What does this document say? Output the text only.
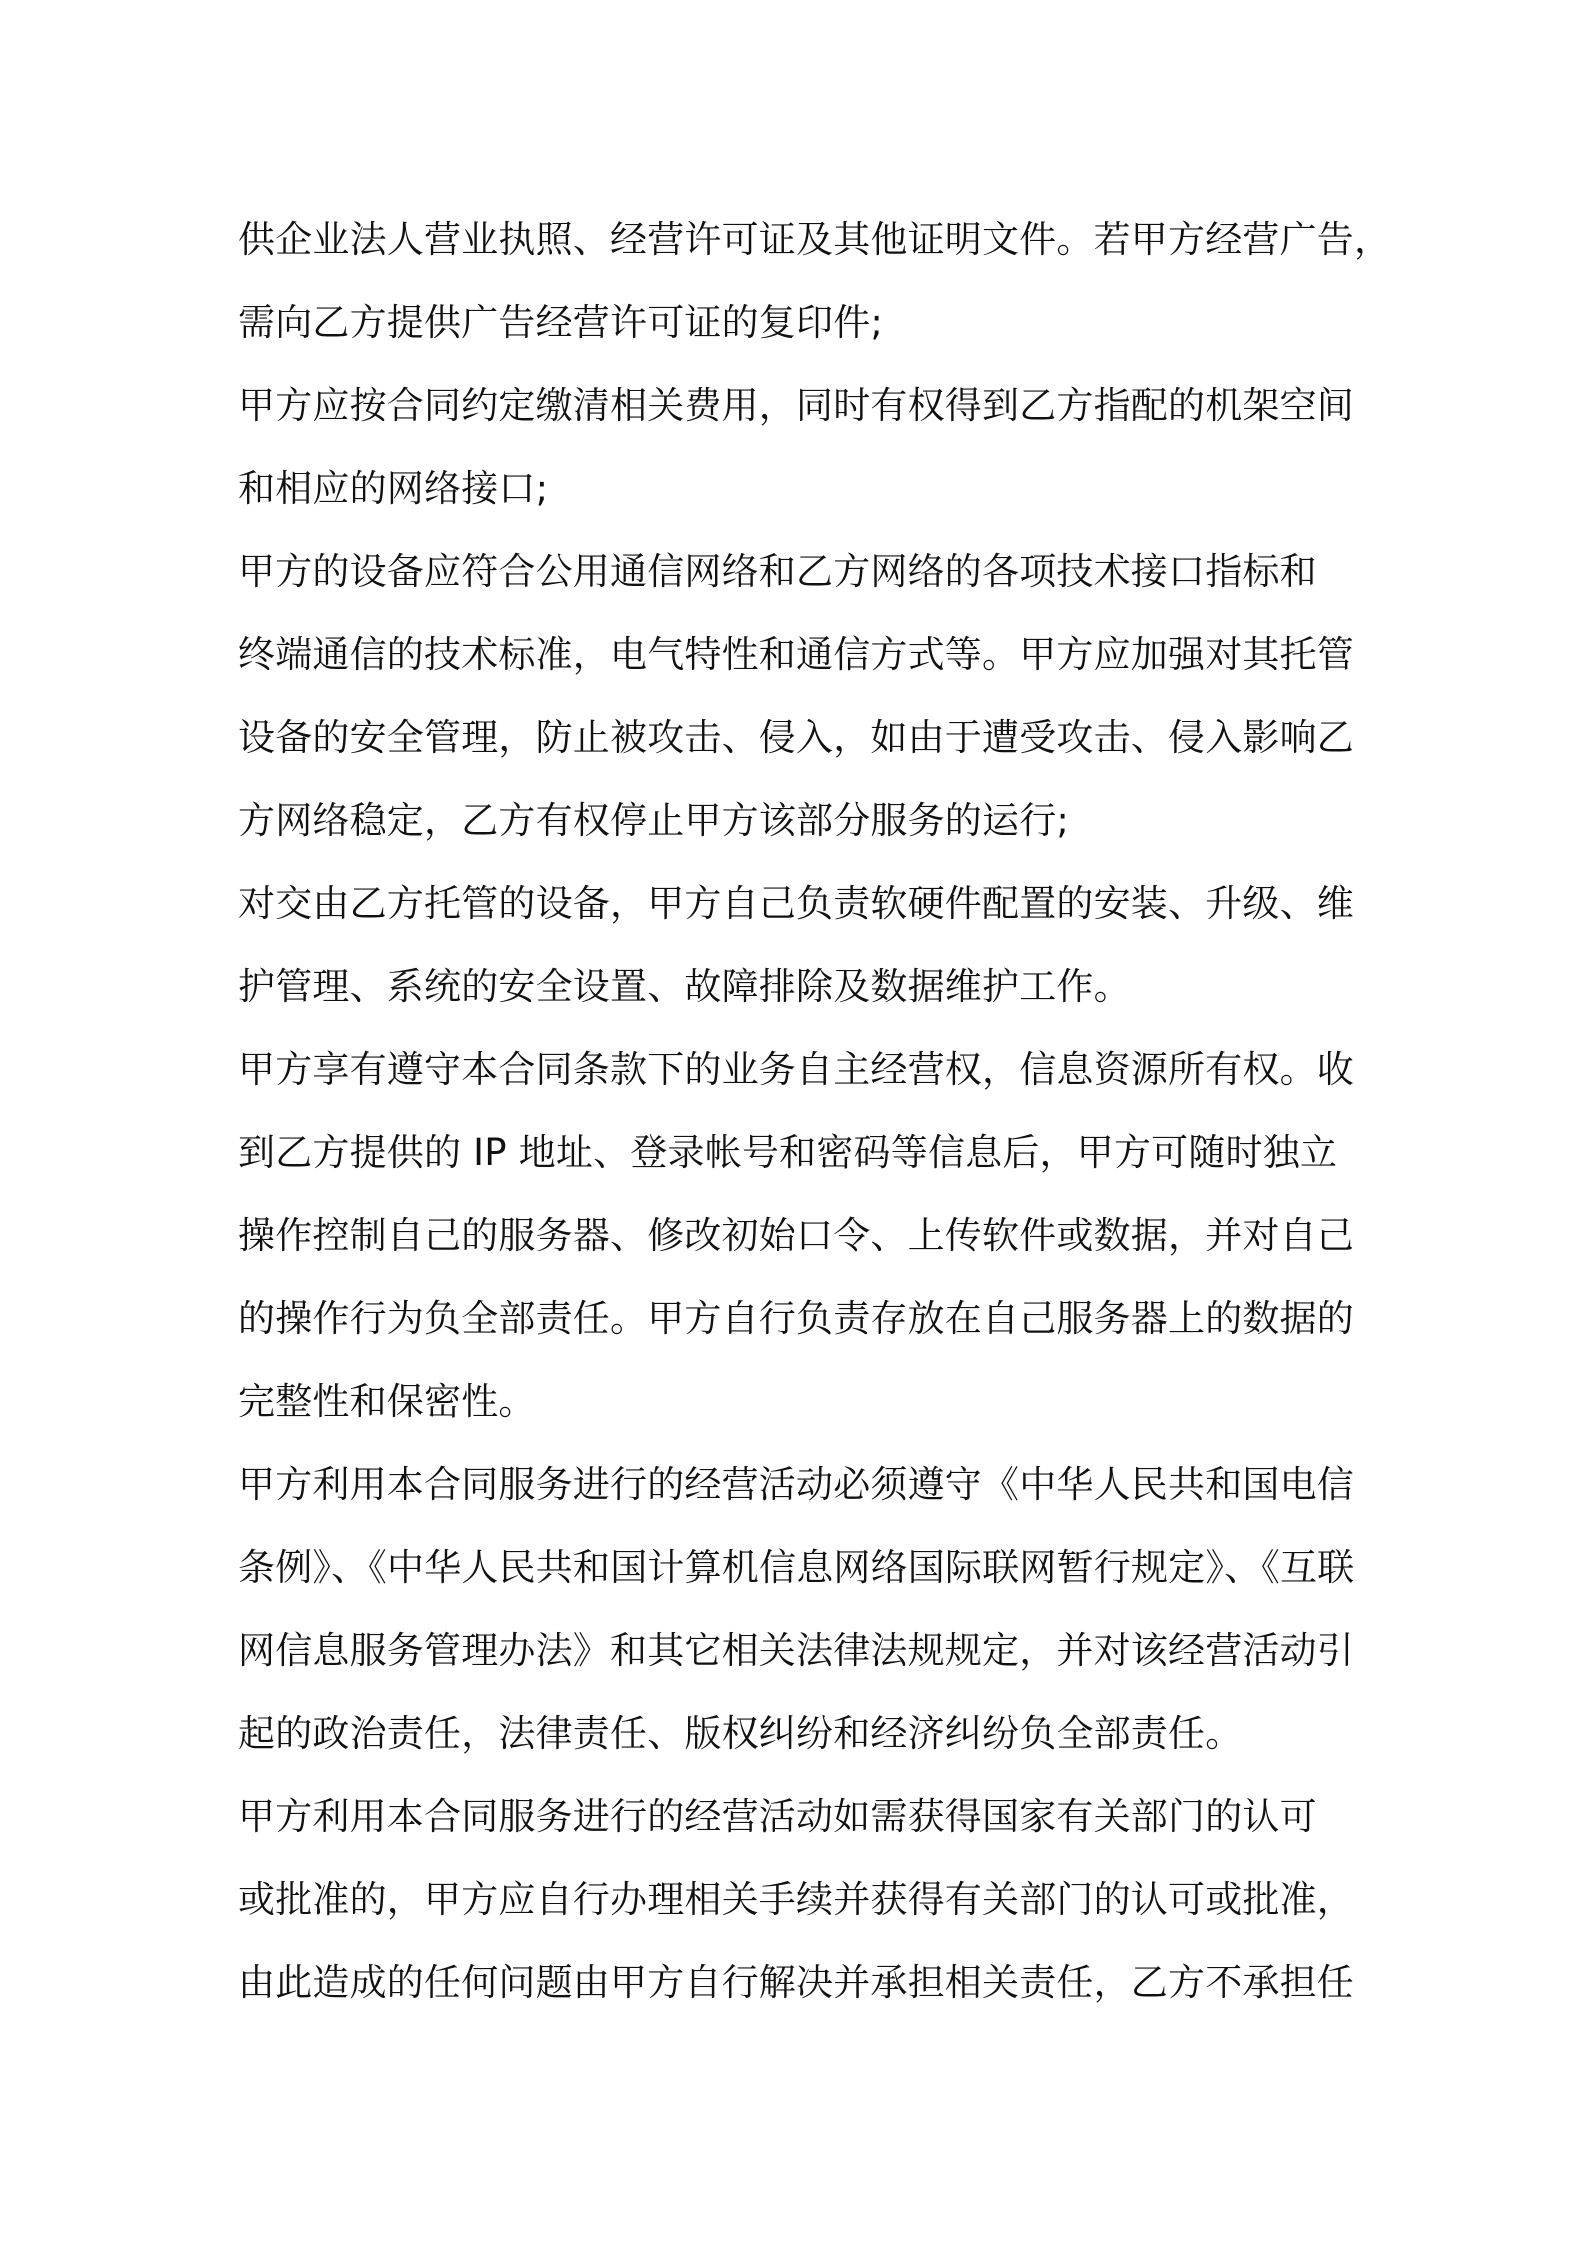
供企业法人营业执照、经营许可证及其他证明文件。若甲方经营广告，
需向乙方提供广告经营许可证的复印件;
甲方应按合同约定缴清相关费用，同时有权得到乙方指配的机架空间
和相应的网络接口;
甲方的设备应符合公用通信网络和乙方网络的各项技术接口指标和
终端通信的技术标准，电气特性和通信方式等。甲方应加强对其托管
设备的安全管理，防止被攻击、侵入，如由于遭受攻击、侵入影响乙
方网络稳定，乙方有权停止甲方该部分服务的运行;
对交由乙方托管的设备，甲方自己负责软硬件配置的安装、升级、维
护管理、系统的安全设置、故障排除及数据维护工作。
甲方享有遵守本合同条款下的业务自主经营权，信息资源所有权。收
到乙方提供的 IP 地址、登录帐号和密码等信息后，甲方可随时独立
操作控制自己的服务器、修改初始口令、上传软件或数据，并对自己
的操作行为负全部责任。甲方自行负责存放在自己服务器上的数据的
完整性和保密性。
甲方利用本合同服务进行的经营活动必须遵守《中华人民共和国电信
条例》、《中华人民共和国计算机信息网络国际联网暂行规定》、《互联
网信息服务管理办法》和其它相关法律法规规定，并对该经营活动引
起的政治责任，法律责任、版权纠纷和经济纠纷负全部责任。
甲方利用本合同服务进行的经营活动如需获得国家有关部门的认可
或批准的，甲方应自行办理相关手续并获得有关部门的认可或批准，
由此造成的任何问题由甲方自行解决并承担相关责任，乙方不承担任
